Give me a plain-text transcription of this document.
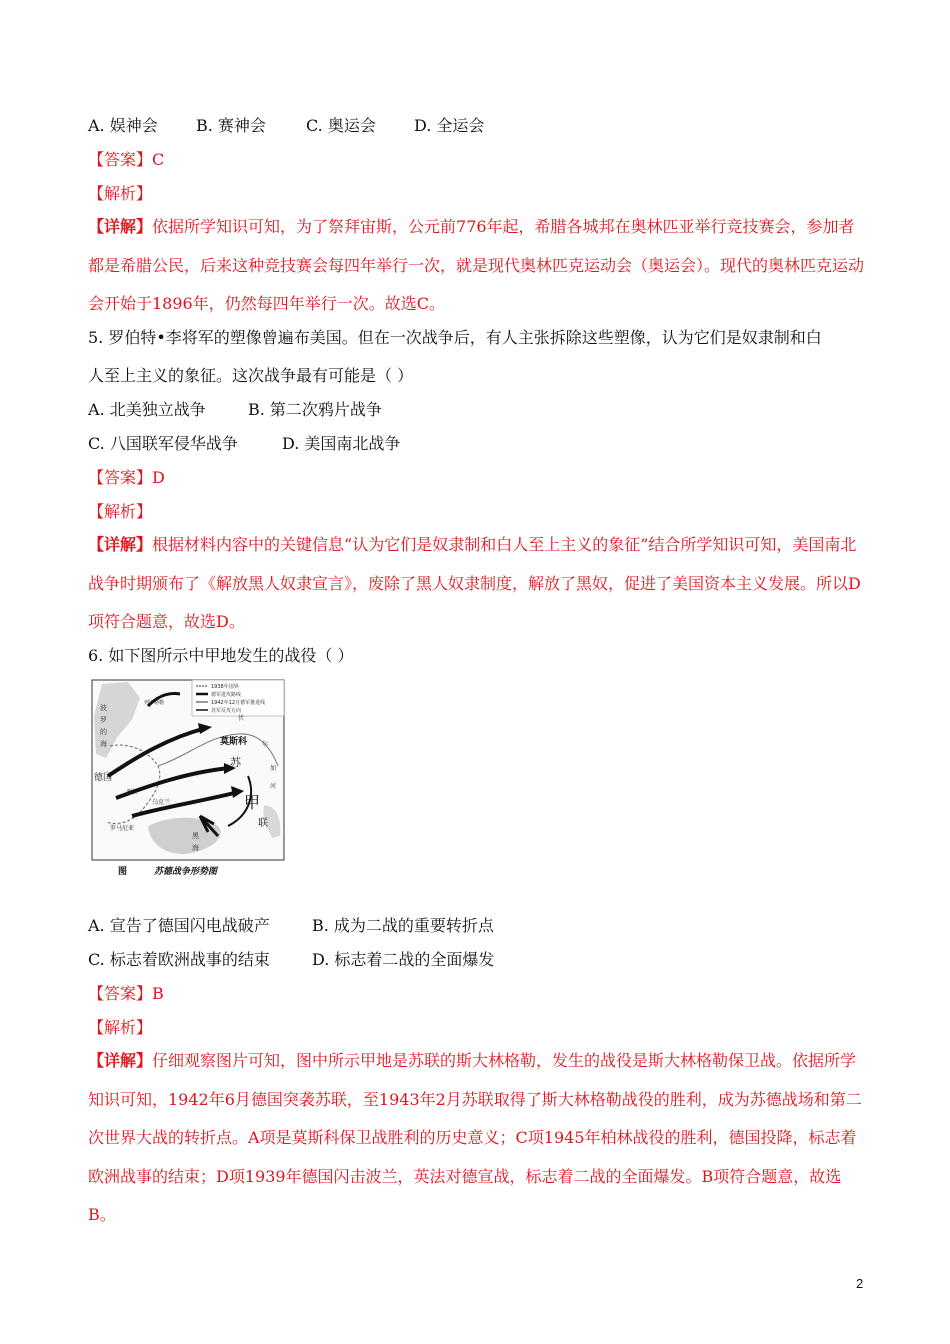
A. 娱神会 B. 赛神会	C. 奥运会 D. 全运会
【答案】C
【解析】
【详解】依据所学知识可知，为了祭拜宙斯，公元前776年起，希腊各城邦在奥林匹亚举行竞技赛会，参加者都是希腊公民，后来这种竞技赛会每四年举行一次，就是现代奥林匹克运动会（奥运会）。现代的奥林匹克运动会开始于1896年，仍然每四年举行一次。故选C。
5. 罗伯特•李将军的塑像曾遍布美国。但在一次战争后，有人主张拆除这些塑像，认为它们是奴隶制和白
人至上主义的象征。这次战争最有可能是（ ）
A. 北美独立战争	B. 第二次鸦片战争
C. 八国联军侵华战争	D. 美国南北战争
【答案】D
【解析】
【详解】根据材料内容中的关键信息“认为它们是奴隶制和白人至上主义的象征”结合所学知识可知，美国南北战争时期颁布了《解放黑人奴隶宣言》，废除了黑人奴隶制度，解放了黑奴，促进了美国资本主义发展。所以D项符合题意，故选D。
6. 如下图所示中甲地发生的战役（ ）
1938年国界
德军进攻路线
1942年12月德军推进线
苏军反攻方向
莫斯科
苏
联
甲
德国
波兰
乌克兰
罗马尼亚
黑
海
伏
尔
加
河
列宁格勒
波
罗
的
海
图	苏德战争形势图
A. 宣告了德国闪电战破产	B. 成为二战的重要转折点
C. 标志着欧洲战事的结束	D. 标志着二战的全面爆发
【答案】B
【解析】
【详解】仔细观察图片可知，图中所示甲地是苏联的斯大林格勒，发生的战役是斯大林格勒保卫战。依据所学知识可知，1942年6月德国突袭苏联，至1943年2月苏联取得了斯大林格勒战役的胜利，成为苏德战场和第二次世界大战的转折点。A项是莫斯科保卫战胜利的历史意义；C项1945年柏林战役的胜利，德国投降，标志着欧洲战事的结束；D项1939年德国闪击波兰，英法对德宣战，标志着二战的全面爆发。B项符合题意，故选B。
2
